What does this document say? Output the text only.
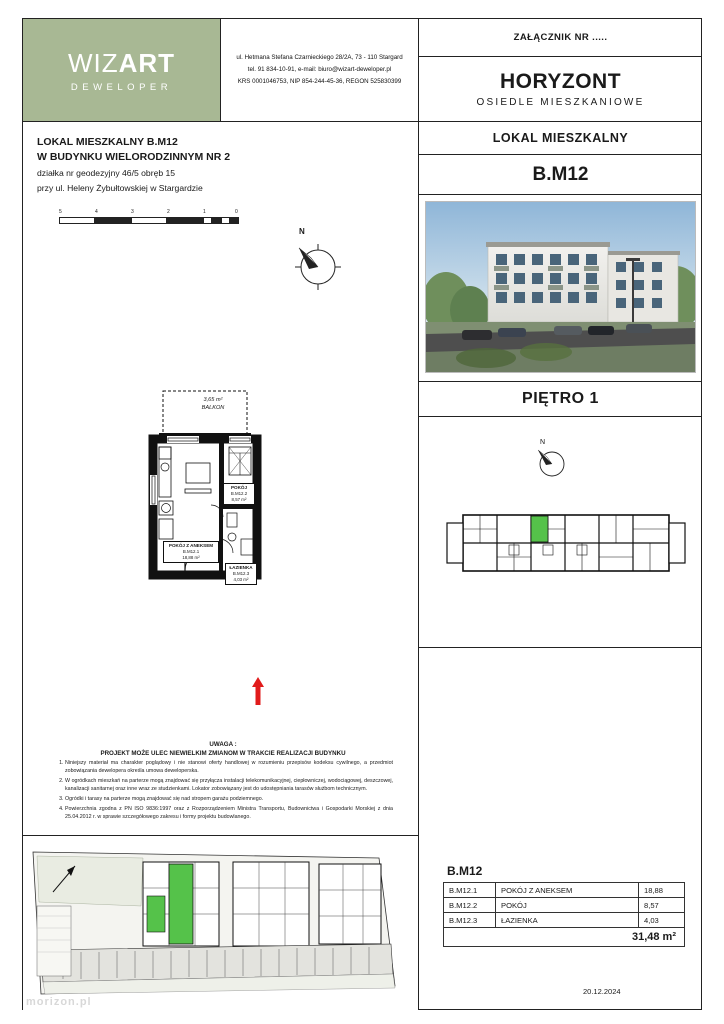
ZAŁĄCZNIK NR .....
WIZART
DEWELOPER
ul. Hetmana Stefana Czarnieckiego 28/2A, 73 - 110 Stargard
tel. 91 834-10-91, e-mail: biuro@wizart-deweloper.pl
KRS 0001046753, NIP 854-244-45-36, REGON 525830399	HORYZONT
OSIEDLE MIESZKANIOWE
LOKAL MIESZKALNY B.M12
W BUDYNKU WIELORODZINNYM NR 2
działka nr geodezyjny 46/5 obręb 15
przy ul. Heleny Żybułtowskiej w Stargardzie
5	4	3	2	1	0
N
3,65 m²
BALKON
POKÓJ Z ANEKSEM
B.M12.1
18,88 m²
POKÓJ
B.M12.2
8,57 m²
ŁAZIENKA
B.M12.3
4,03 m²
UWAGA :
PROJEKT MOŻE ULEC NIEWIELKIM ZMIANOM W TRAKCIE REALIZACJI BUDYNKU
1. Niniejszy materiał ma charakter poglądowy i nie stanowi oferty handlowej w rozumieniu przepisów kodeksu cywilnego, a przedmiot zobowiązania dewelopera określa umowa deweloperska.
2. W ogródkach mieszkań na parterze mogą znajdować się przyłącza instalacji telekomunikacyjnej, ciepłowniczej, wodociągowej, deszczowej, kanalizacji sanitarnej oraz inne wraz ze studzienkami. Lokator zobowiązany jest do udostępniania tarasów służbom technicznym.
3. Ogródki i tarasy na parterze mogą znajdować się nad stropem garażu podziemnego.
4. Powierzchnia zgodna z PN ISO 9836:1997 oraz z Rozporządzeniem Ministra Transportu, Budownictwa i Gospodarki Morskiej z dnia 25.04.2012 r. w sprawie szczegółowego zakresu i formy projektu budowlanego.
LOKAL MIESZKALNY
B.M12
PIĘTRO 1
N
B.M12
B.M12.1	POKÓJ Z ANEKSEM	18,88
B.M12.2	POKÓJ	8,57
B.M12.3	ŁAZIENKA	4,03
31,48 m²
20.12.2024
morizon.pl
